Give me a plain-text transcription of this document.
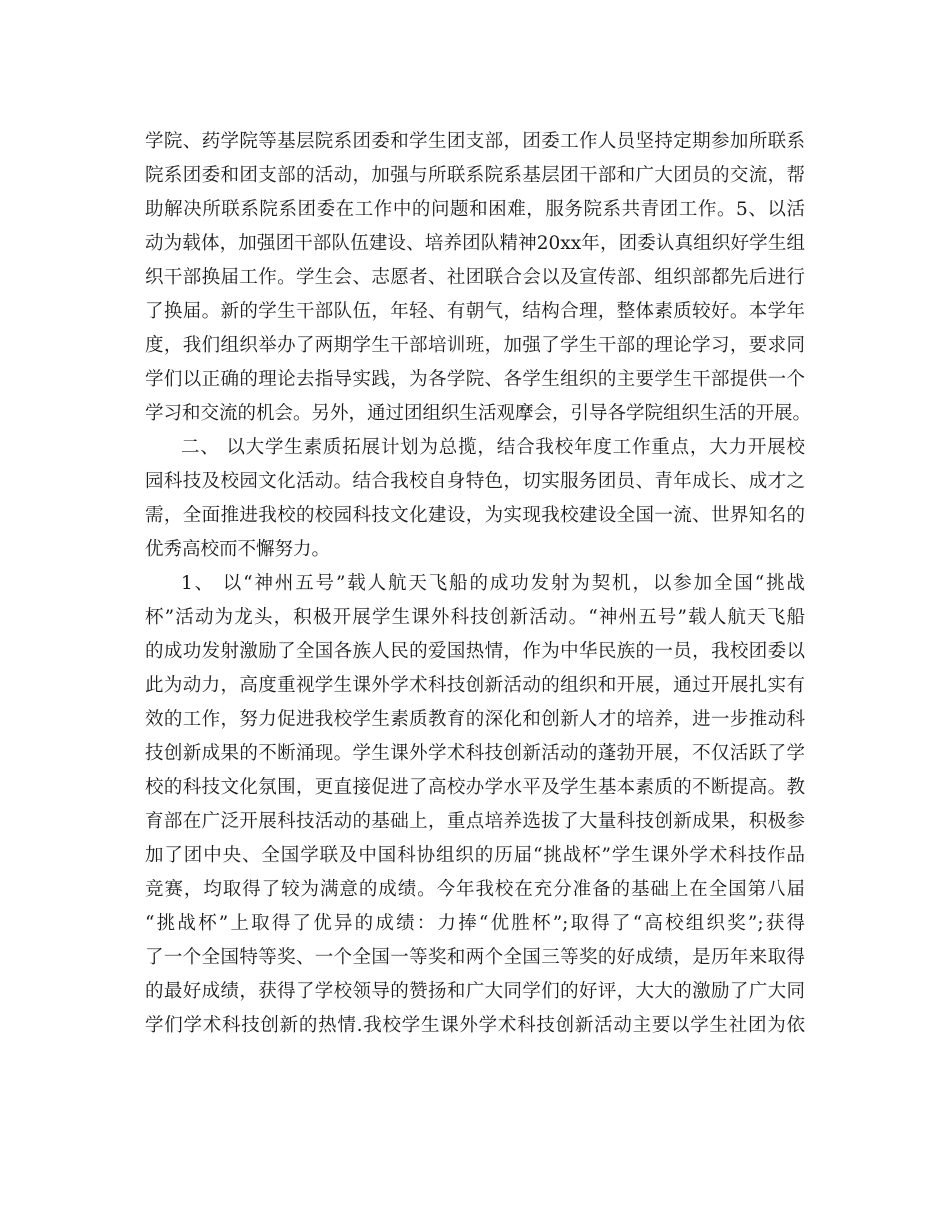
学院、药学院等基层院系团委和学生团支部，团委工作人员坚持定期参加所联系
院系团委和团支部的活动，加强与所联系院系基层团干部和广大团员的交流，帮
助解决所联系院系团委在工作中的问题和困难，服务院系共青团工作。5、以活
动为载体，加强团干部队伍建设、培养团队精神20xx年，团委认真组织好学生组
织干部换届工作。学生会、志愿者、社团联合会以及宣传部、组织部都先后进行
了换届。新的学生干部队伍，年轻、有朝气，结构合理，整体素质较好。本学年
度，我们组织举办了两期学生干部培训班，加强了学生干部的理论学习，要求同
学们以正确的理论去指导实践，为各学院、各学生组织的主要学生干部提供一个
学习和交流的机会。另外，通过团组织生活观摩会，引导各学院组织生活的开展。
二、 以大学生素质拓展计划为总揽，结合我校年度工作重点，大力开展校
园科技及校园文化活动。结合我校自身特色，切实服务团员、青年成长、成才之
需，全面推进我校的校园科技文化建设，为实现我校建设全国一流、世界知名的
优秀高校而不懈努力。
1、 以“神州五号”载人航天飞船的成功发射为契机，以参加全国“挑战
杯”活动为龙头，积极开展学生课外科技创新活动。“神州五号”载人航天飞船
的成功发射激励了全国各族人民的爱国热情，作为中华民族的一员，我校团委以
此为动力，高度重视学生课外学术科技创新活动的组织和开展，通过开展扎实有
效的工作，努力促进我校学生素质教育的深化和创新人才的培养，进一步推动科
技创新成果的不断涌现。学生课外学术科技创新活动的蓬勃开展，不仅活跃了学
校的科技文化氛围，更直接促进了高校办学水平及学生基本素质的不断提高。教
育部在广泛开展科技活动的基础上，重点培养选拔了大量科技创新成果，积极参
加了团中央、全国学联及中国科协组织的历届“挑战杯”学生课外学术科技作品
竞赛，均取得了较为满意的成绩。今年我校在充分准备的基础上在全国第八届
“挑战杯”上取得了优异的成绩：力捧“优胜杯”;取得了“高校组织奖”;获得
了一个全国特等奖、一个全国一等奖和两个全国三等奖的好成绩，是历年来取得
的最好成绩，获得了学校领导的赞扬和广大同学们的好评，大大的激励了广大同
学们学术科技创新的热情.我校学生课外学术科技创新活动主要以学生社团为依
